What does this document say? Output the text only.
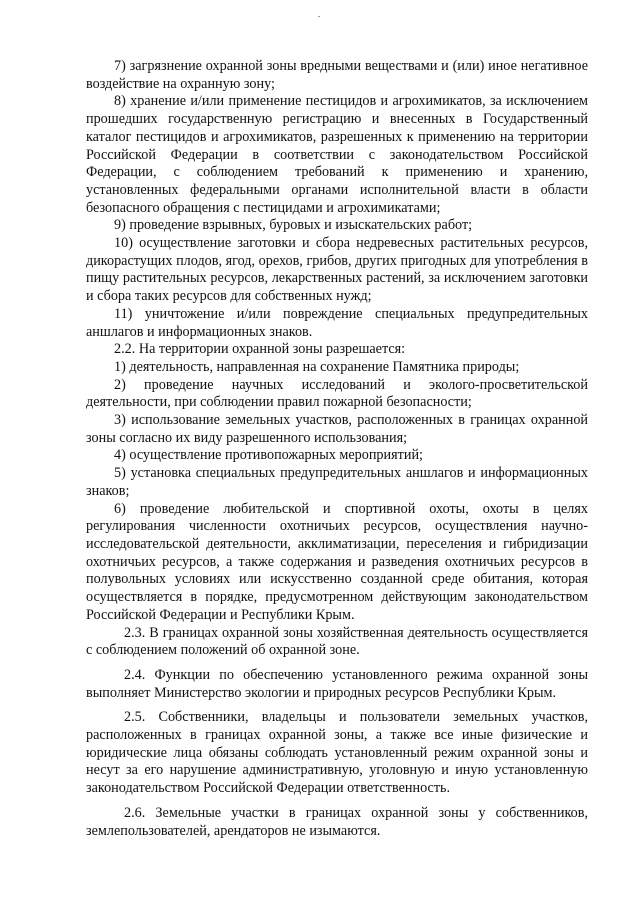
7) загрязнение охранной зоны вредными веществами и (или) иное негативное воздействие на охранную зону;

8) хранение и/или применение пестицидов и агрохимикатов, за исключением прошедших государственную регистрацию и внесенных в Государственный каталог пестицидов и агрохимикатов, разрешенных к применению на территории Российской Федерации в соответствии с законодательством Российской Федерации, с соблюдением требований к применению и хранению, установленных федеральными органами исполнительной власти в области безопасного обращения с пестицидами и агрохимикатами;

9) проведение взрывных, буровых и изыскательских работ;

10) осуществление заготовки и сбора недревесных растительных ресурсов, дикорастущих плодов, ягод, орехов, грибов, других пригодных для употребления в пищу растительных ресурсов, лекарственных растений, за исключением заготовки и сбора таких ресурсов для собственных нужд;

11) уничтожение и/или повреждение специальных предупредительных аншлагов и информационных знаков.

2.2. На территории охранной зоны разрешается:

1) деятельность, направленная на сохранение Памятника природы;

2) проведение научных исследований и эколого-просветительской деятельности, при соблюдении правил пожарной безопасности;

3) использование земельных участков, расположенных в границах охранной зоны согласно их виду разрешенного использования;

4) осуществление противопожарных мероприятий;

5) установка специальных предупредительных аншлагов и информационных знаков;

6) проведение любительской и спортивной охоты, охоты в целях регулирования численности охотничьих ресурсов, осуществления научно-исследовательской деятельности, акклиматизации, переселения и гибридизации охотничьих ресурсов, а также содержания и разведения охотничьих ресурсов в полувольных условиях или искусственно созданной среде обитания, которая осуществляется в порядке, предусмотренном действующим законодательством Российской Федерации и Республики Крым.

2.3. В границах охранной зоны хозяйственная деятельность осуществляется с соблюдением положений об охранной зоне.

2.4. Функции по обеспечению установленного режима охранной зоны выполняет Министерство экологии и природных ресурсов Республики Крым.

2.5. Собственники, владельцы и пользователи земельных участков, расположенных в границах охранной зоны, а также все иные физические и юридические лица обязаны соблюдать установленный режим охранной зоны и несут за его нарушение административную, уголовную и иную установленную законодательством Российской Федерации ответственность.

2.6. Земельные участки в границах охранной зоны у собственников, землепользователей, арендаторов не изымаются.
